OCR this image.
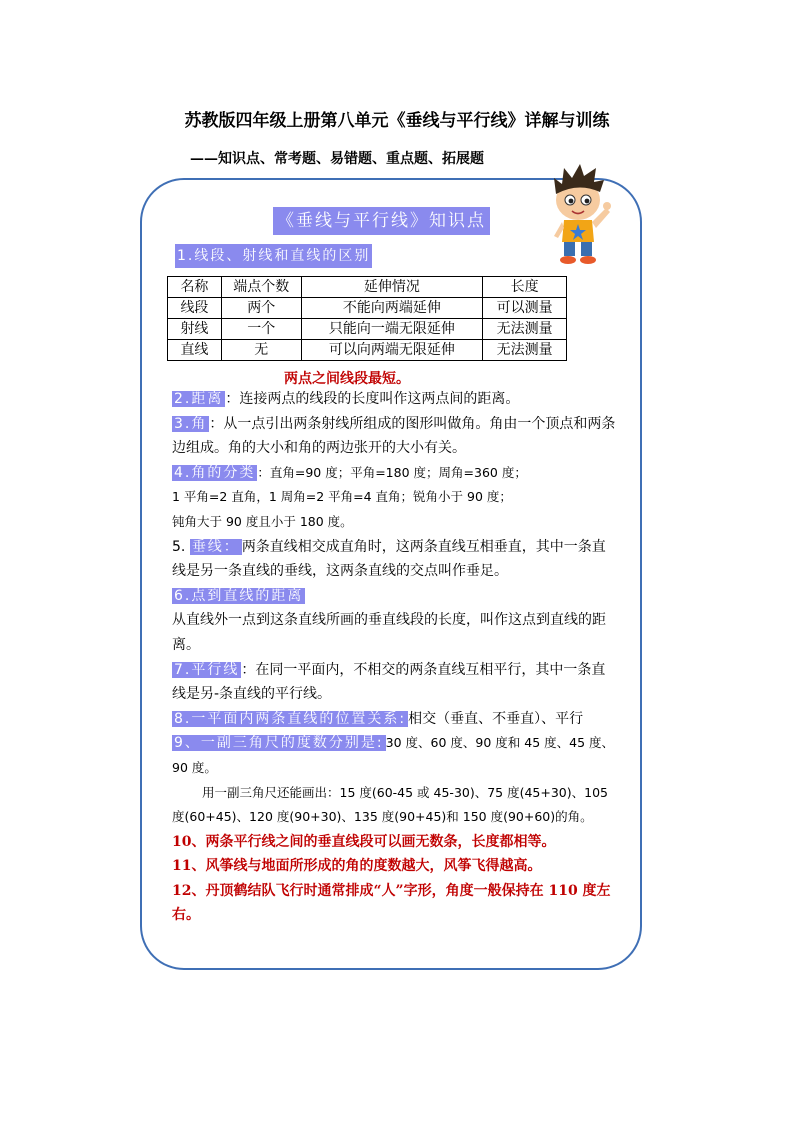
苏教版四年级上册第八单元《垂线与平行线》详解与训练
——知识点、常考题、易错题、重点题、拓展题
《垂线与平行线》知识点
1.线段、射线和直线的区别
名称	端点个数	延伸情况	长度
线段	两个	不能向两端延伸	可以测量
射线	一个	只能向一端无限延伸	无法测量
直线	无	可以向两端无限延伸	无法测量
两点之间线段最短。

2.距离 ：连接两点的线段的长度叫作这两点间的距离。

3.角 ：从一点引出两条射线所组成的图形叫做角。角由一个顶点和两条边组成。角的大小和角的两边张开的大小有关。

4.角的分类 ：直角=90 度；平角=180 度；周角=360 度；

1 平角=2 直角，1 周角=2 平角=4 直角；锐角小于 90 度；

钝角大于 90 度且小于 180 度。

5. 垂线： 两条直线相交成直角时，这两条直线互相垂直，其中一条直线是另一条直线的垂线，这两条直线的交点叫作垂足。

6.点到直线的距离

从直线外一点到这条直线所画的垂直线段的长度，叫作这点到直线的距离。

7.平行线 ：在同一平面内，不相交的两条直线互相平行，其中一条直线是另-条直线的平行线。

8.一平面内两条直线的位置关系: 相交（垂直、不垂直）、平行

9、一副三角尺的度数分别是: 30 度、60 度、90 度和 45 度、45 度、90 度。

用一副三角尺还能画出：15 度(60-45 或 45-30)、75 度(45+30)、105 度(60+45)、120 度(90+30)、135 度(90+45)和 150 度(90+60)的角。

10、两条平行线之间的垂直线段可以画无数条，长度都相等。

11、风筝线与地面所形成的角的度数越大，风筝飞得越高。

12、丹顶鹤结队飞行时通常排成“人”字形，角度一般保持在 110 度左右。
